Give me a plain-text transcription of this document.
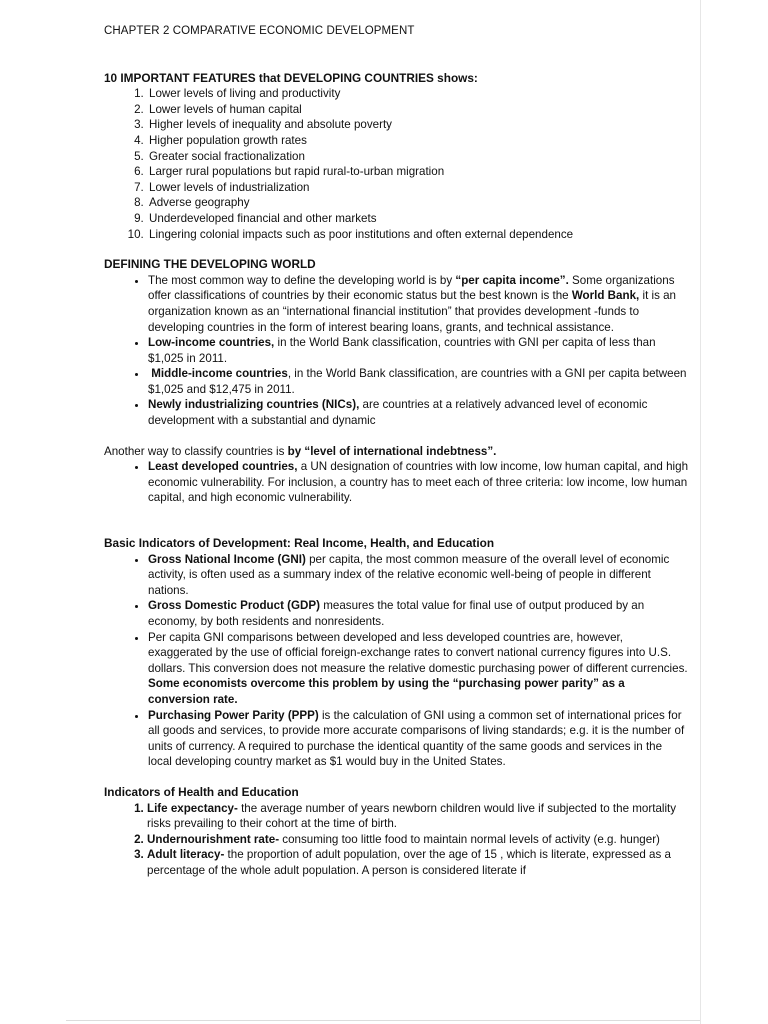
CHAPTER 2 COMPARATIVE ECONOMIC DEVELOPMENT
10 IMPORTANT FEATURES that DEVELOPING COUNTRIES shows:
1. Lower levels of living and productivity
2. Lower levels of human capital
3. Higher levels of inequality and absolute poverty
4. Higher population growth rates
5. Greater social fractionalization
6. Larger rural populations but rapid rural-to-urban migration
7. Lower levels of industrialization
8. Adverse geography
9. Underdeveloped financial and other markets
10. Lingering colonial impacts such as poor institutions and often external dependence
DEFINING THE DEVELOPING WORLD
• The most common way to define the developing world is by “per capita income”. Some organizations offer classifications of countries by their economic status but the best known is the World Bank, it is an organization known as an “international financial institution” that provides development -funds to developing countries in the form of interest bearing loans, grants, and technical assistance.
• Low-income countries, in the World Bank classification, countries with GNI per capita of less than $1,025 in 2011.
• Middle-income countries, in the World Bank classification, are countries with a GNI per capita between $1,025 and $12,475 in 2011.
• Newly industrializing countries (NICs), are countries at a relatively advanced level of economic development with a substantial and dynamic
Another way to classify countries is by “level of international indebtness”.
• Least developed countries, a UN designation of countries with low income, low human capital, and high economic vulnerability. For inclusion, a country has to meet each of three criteria: low income, low human capital, and high economic vulnerability.
Basic Indicators of Development: Real Income, Health, and Education
• Gross National Income (GNI) per capita, the most common measure of the overall level of economic activity, is often used as a summary index of the relative economic well-being of people in different nations.
• Gross Domestic Product (GDP) measures the total value for final use of output produced by an economy, by both residents and nonresidents.
• Per capita GNI comparisons between developed and less developed countries are, however, exaggerated by the use of official foreign-exchange rates to convert national currency figures into U.S. dollars. This conversion does not measure the relative domestic purchasing power of different currencies. Some economists overcome this problem by using the “purchasing power parity” as a conversion rate.
• Purchasing Power Parity (PPP) is the calculation of GNI using a common set of international prices for all goods and services, to provide more accurate comparisons of living standards; e.g. it is the number of units of currency. A required to purchase the identical quantity of the same goods and services in the local developing country market as $1 would buy in the United States.
Indicators of Health and Education
1. Life expectancy- the average number of years newborn children would live if subjected to the mortality risks prevailing to their cohort at the time of birth.
2. Undernourishment rate- consuming too little food to maintain normal levels of activity (e.g. hunger)
3. Adult literacy- the proportion of adult population, over the age of 15 , which is literate, expressed as a percentage of the whole adult population. A person is considered literate if
